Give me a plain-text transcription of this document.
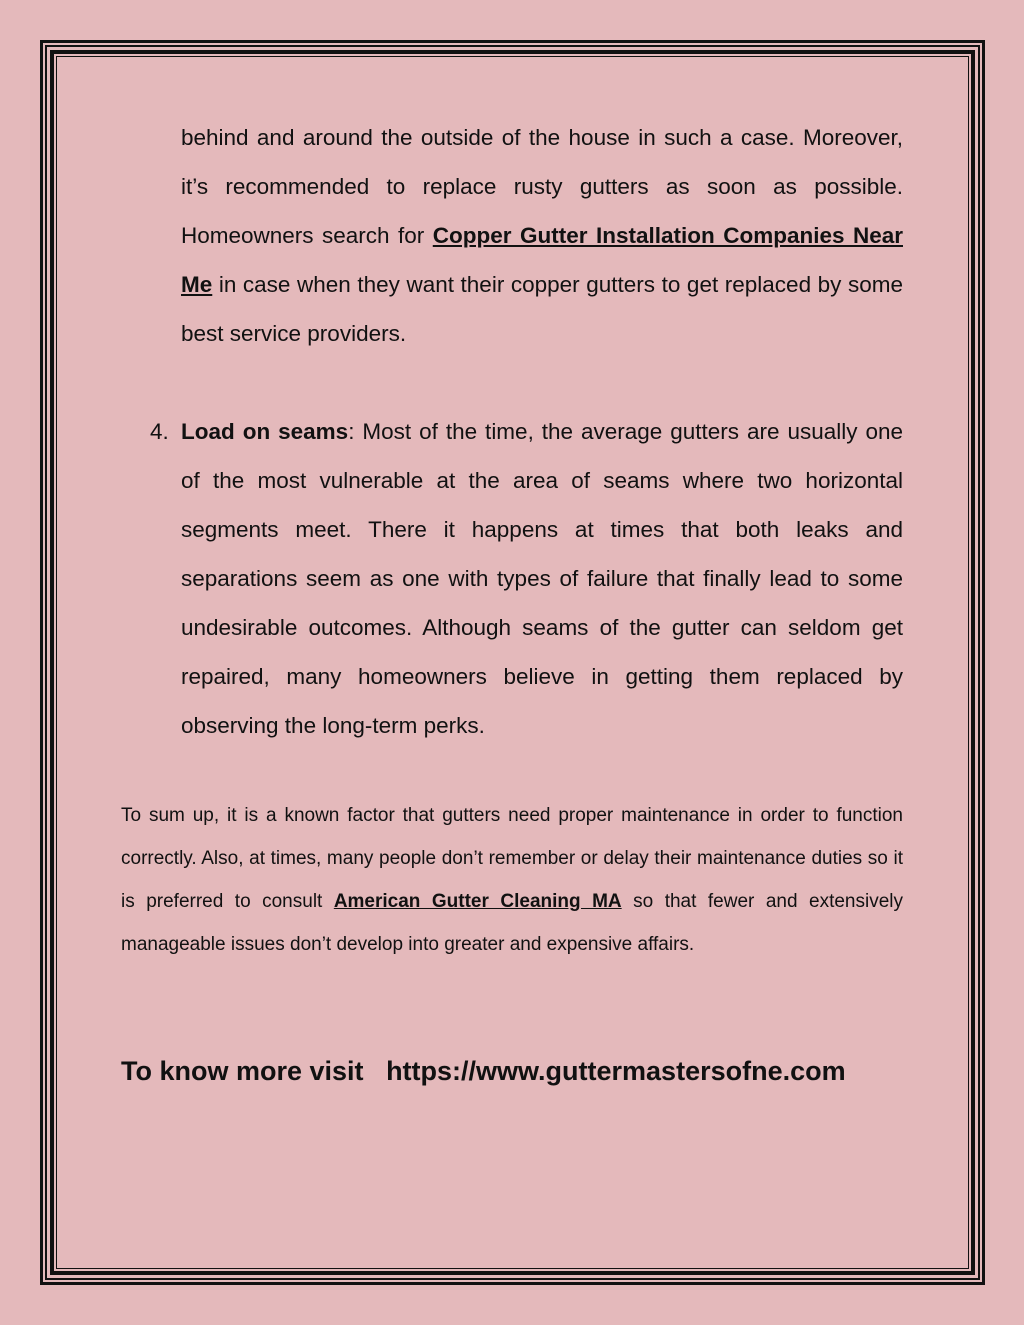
behind and around the outside of the house in such a case. Moreover, it’s recommended to replace rusty gutters as soon as possible. Homeowners search for Copper Gutter Installation Companies Near Me in case when they want their copper gutters to get replaced by some best service providers.

4. Load on seams: Most of the time, the average gutters are usually one of the most vulnerable at the area of seams where two horizontal segments meet. There it happens at times that both leaks and separations seem as one with types of failure that finally lead to some undesirable outcomes. Although seams of the gutter can seldom get repaired, many homeowners believe in getting them replaced by observing the long-term perks.

To sum up, it is a known factor that gutters need proper maintenance in order to function correctly. Also, at times, many people don’t remember or delay their maintenance duties so it is preferred to consult American Gutter Cleaning MA so that fewer and extensively manageable issues don’t develop into greater and expensive affairs.

To know more visit https://www.guttermastersofne.com
